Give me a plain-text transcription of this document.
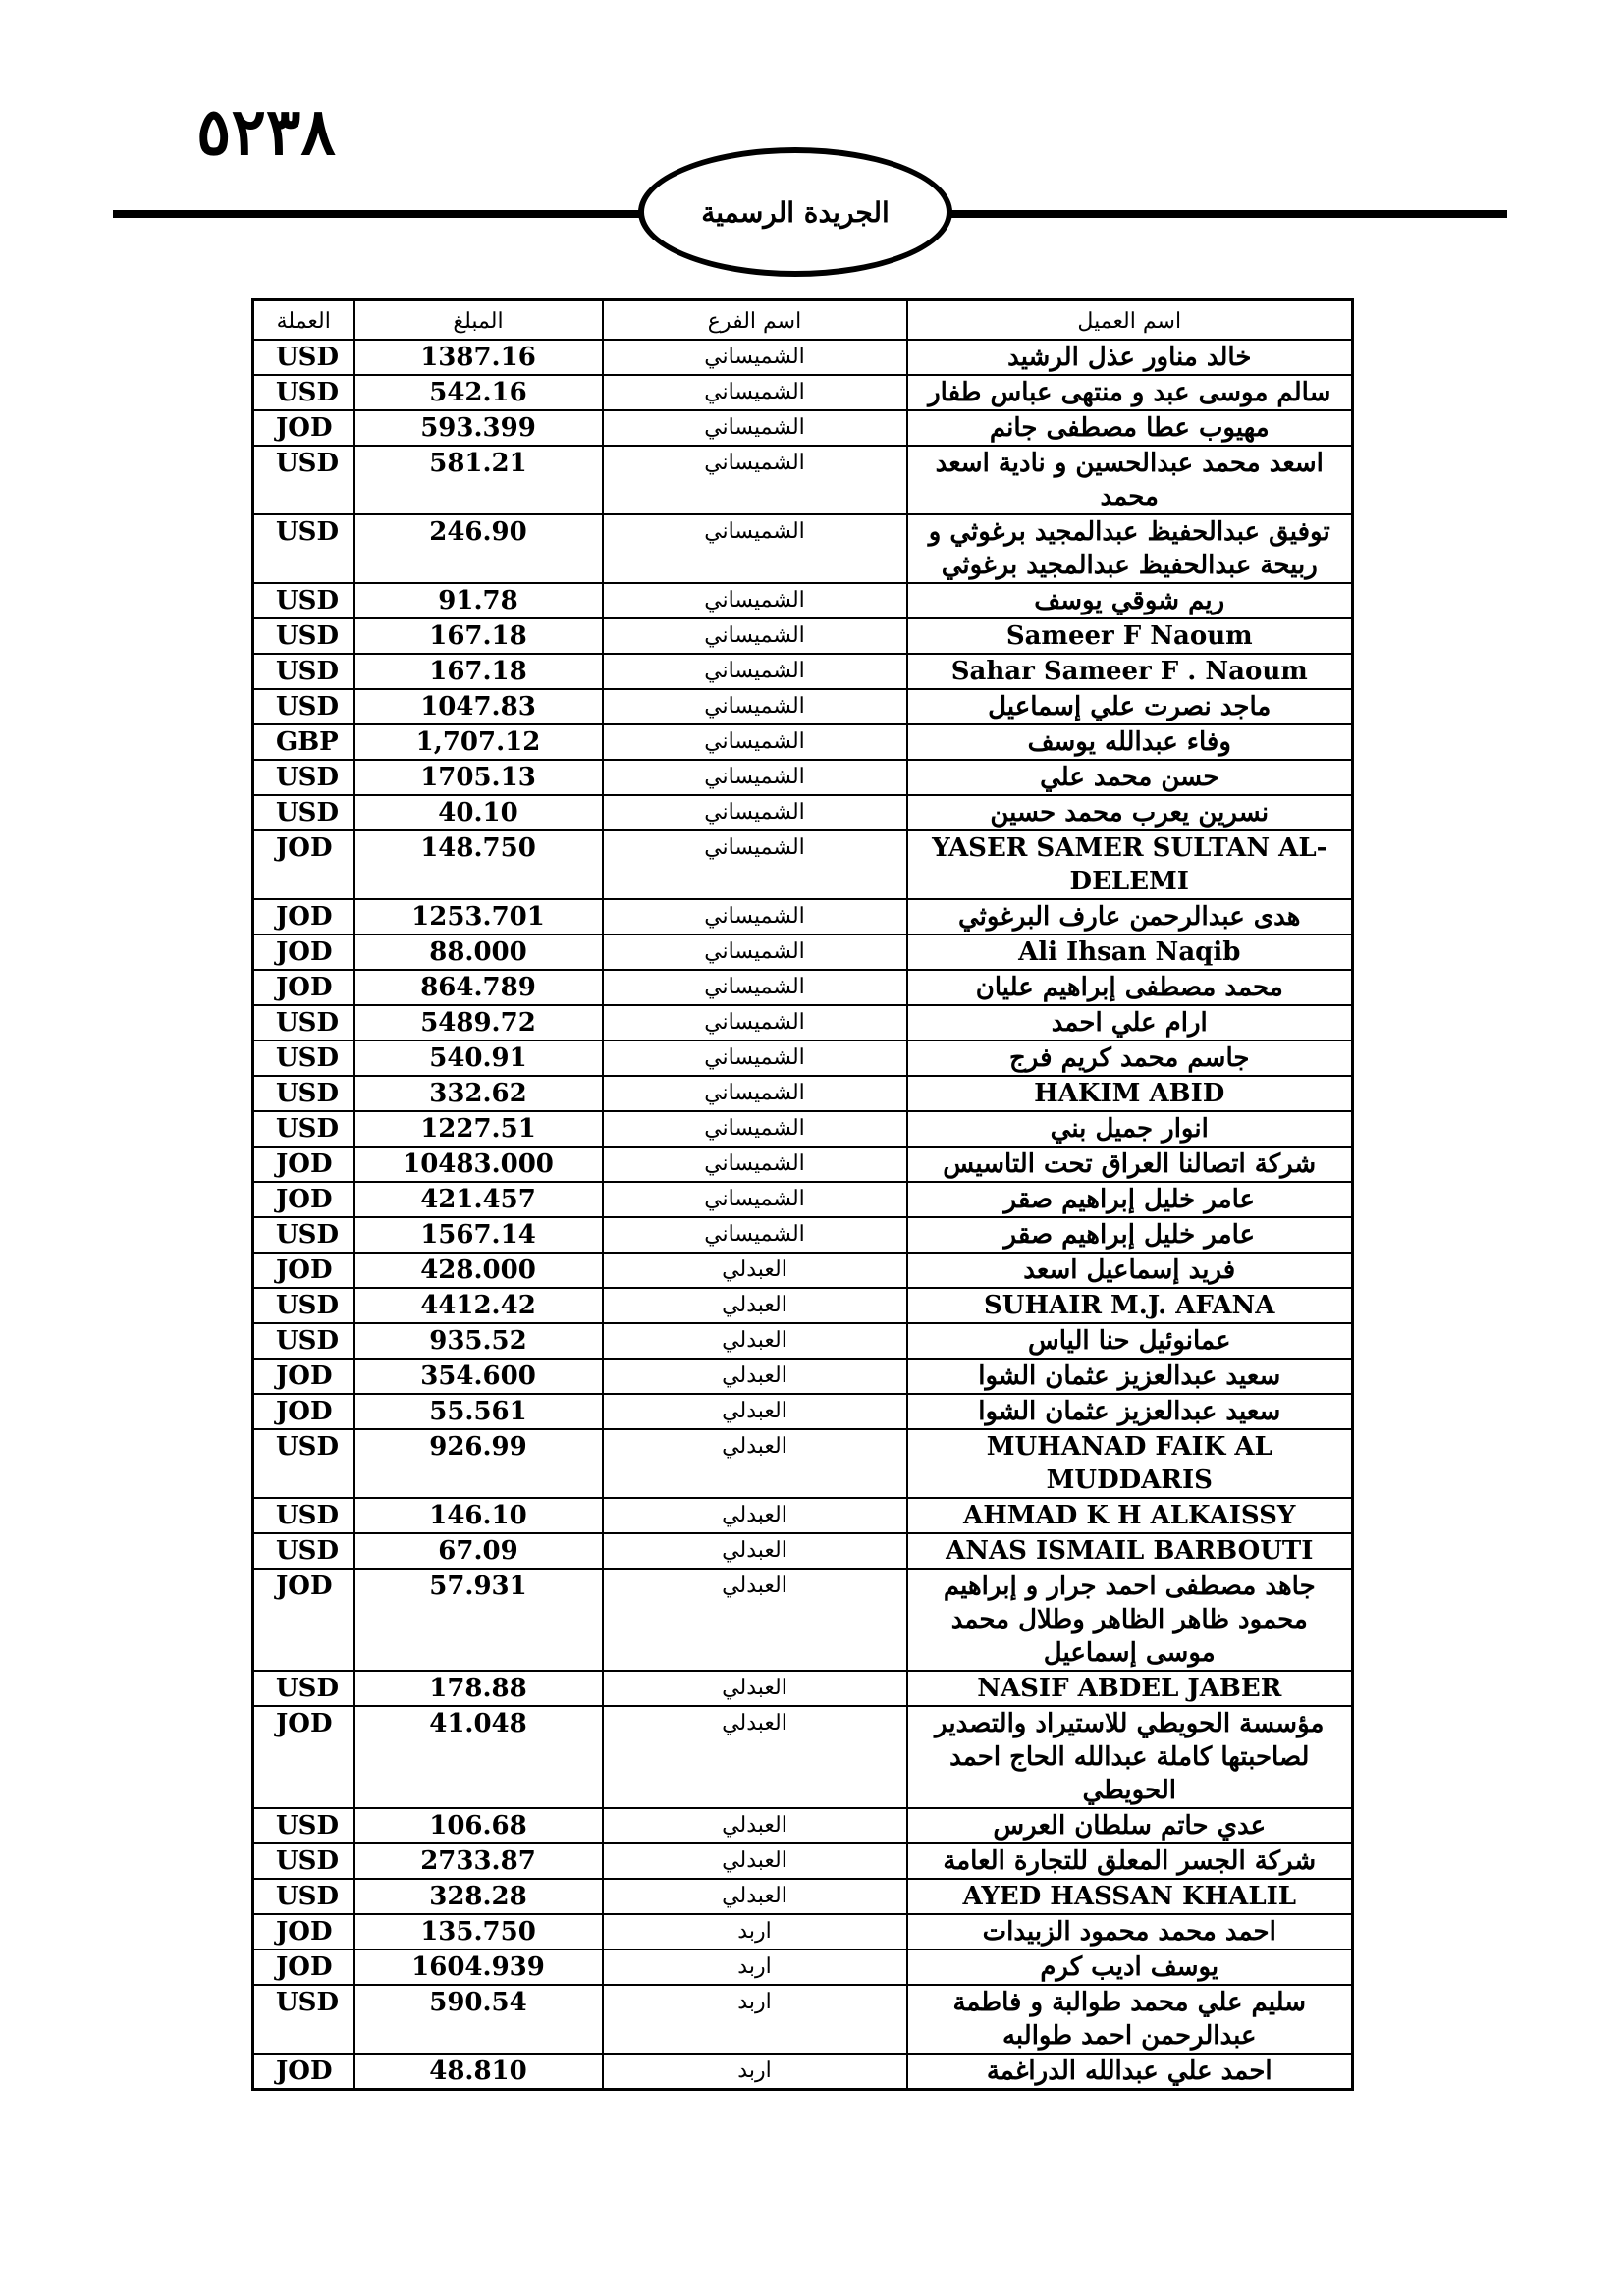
٥٢٣٨
الجريدة الرسمية
العملة	المبلغ	اسم الفرع	اسم العميل
USD	1387.16	الشميساني	خالد مناور عذل الرشيد
USD	542.16	الشميساني	سالم موسى عبد و منتهى عباس طفار
JOD	593.399	الشميساني	مهيوب عطا مصطفى جانم
USD	581.21	الشميساني	اسعد محمد عبدالحسين و نادية اسعد محمد
USD	246.90	الشميساني	توفيق عبدالحفيظ عبدالمجيد برغوثي و ربيحة عبدالحفيظ عبدالمجيد برغوثي
USD	91.78	الشميساني	ريم شوقي يوسف
USD	167.18	الشميساني	Sameer F Naoum
USD	167.18	الشميساني	Sahar Sameer F . Naoum
USD	1047.83	الشميساني	ماجد نصرت علي إسماعيل
GBP	1,707.12	الشميساني	وفاء عبدالله يوسف
USD	1705.13	الشميساني	حسن محمد علي
USD	40.10	الشميساني	نسرين يعرب محمد حسين
JOD	148.750	الشميساني	YASER SAMER SULTAN AL-DELEMI
JOD	1253.701	الشميساني	هدى عبدالرحمن عارف البرغوثي
JOD	88.000	الشميساني	Ali Ihsan Naqib
JOD	864.789	الشميساني	محمد مصطفى إبراهيم عليان
USD	5489.72	الشميساني	ارام علي احمد
USD	540.91	الشميساني	جاسم محمد كريم فرج
USD	332.62	الشميساني	HAKIM ABID
USD	1227.51	الشميساني	انوار جميل بني
JOD	10483.000	الشميساني	شركة اتصالنا العراق تحت التاسيس
JOD	421.457	الشميساني	عامر خليل إبراهيم صقر
USD	1567.14	الشميساني	عامر خليل إبراهيم صقر
JOD	428.000	العبدلي	فريد إسماعيل اسعد
USD	4412.42	العبدلي	SUHAIR M.J. AFANA
USD	935.52	العبدلي	عمانوئيل حنا الياس
JOD	354.600	العبدلي	سعيد عبدالعزيز عثمان الشوا
JOD	55.561	العبدلي	سعيد عبدالعزيز عثمان الشوا
USD	926.99	العبدلي	MUHANAD FAIK AL MUDDARIS
USD	146.10	العبدلي	AHMAD K H ALKAISSY
USD	67.09	العبدلي	ANAS ISMAIL BARBOUTI
JOD	57.931	العبدلي	جاهد مصطفى احمد جرار و إبراهيم محمود ظاهر الظاهر وطلال محمد موسى إسماعيل
USD	178.88	العبدلي	NASIF ABDEL JABER
JOD	41.048	العبدلي	مؤسسة الحويطي للاستيراد والتصدير لصاحبتها كاملة عبدالله الحاج احمد الحويطي
USD	106.68	العبدلي	عدي حاتم سلطان العرس
USD	2733.87	العبدلي	شركة الجسر المعلق للتجارة العامة
USD	328.28	العبدلي	AYED HASSAN KHALIL
JOD	135.750	اربد	احمد محمد محمود الزبيدات
JOD	1604.939	اربد	يوسف اديب كرم
USD	590.54	اربد	سليم علي محمد طوالبة و فاطمة عبدالرحمن احمد طوالبه
JOD	48.810	اربد	احمد علي عبدالله الدراغمة
